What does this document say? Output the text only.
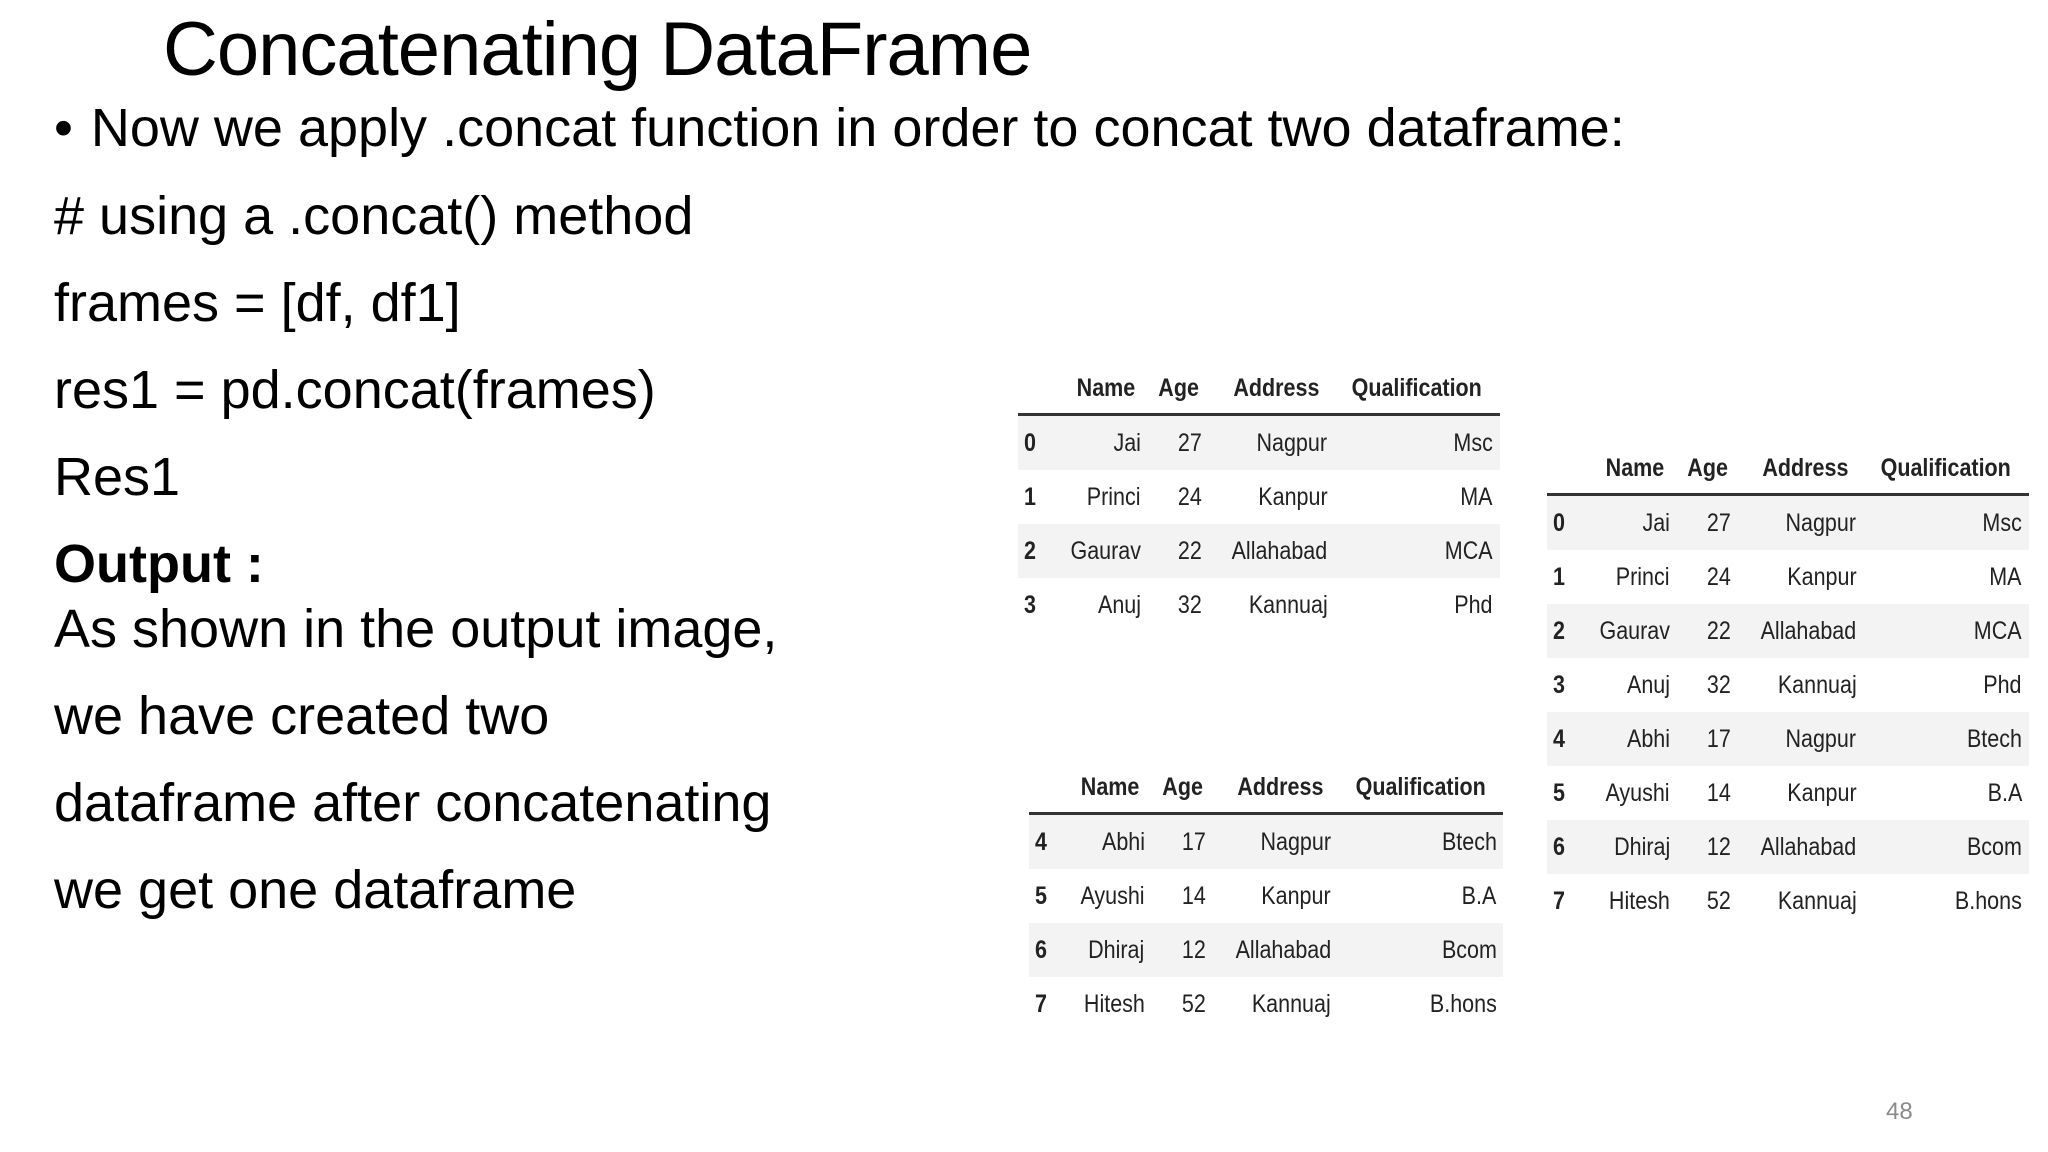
Concatenating DataFrame
• Now we apply .concat function in order to concat two dataframe:
# using a .concat() method
frames = [df, df1]
res1 = pd.concat(frames)
Res1
Output :
As shown in the output image,
we have created two
dataframe after concatenating
we get one dataframe
	Name	Age	Address	Qualification
0	Jai	27	Nagpur	Msc
1	Princi	24	Kanpur	MA
2	Gaurav	22	Allahabad	MCA
3	Anuj	32	Kannuaj	Phd
	Name	Age	Address	Qualification
4	Abhi	17	Nagpur	Btech
5	Ayushi	14	Kanpur	B.A
6	Dhiraj	12	Allahabad	Bcom
7	Hitesh	52	Kannuaj	B.hons
	Name	Age	Address	Qualification
0	Jai	27	Nagpur	Msc
1	Princi	24	Kanpur	MA
2	Gaurav	22	Allahabad	MCA
3	Anuj	32	Kannuaj	Phd
4	Abhi	17	Nagpur	Btech
5	Ayushi	14	Kanpur	B.A
6	Dhiraj	12	Allahabad	Bcom
7	Hitesh	52	Kannuaj	B.hons
48
